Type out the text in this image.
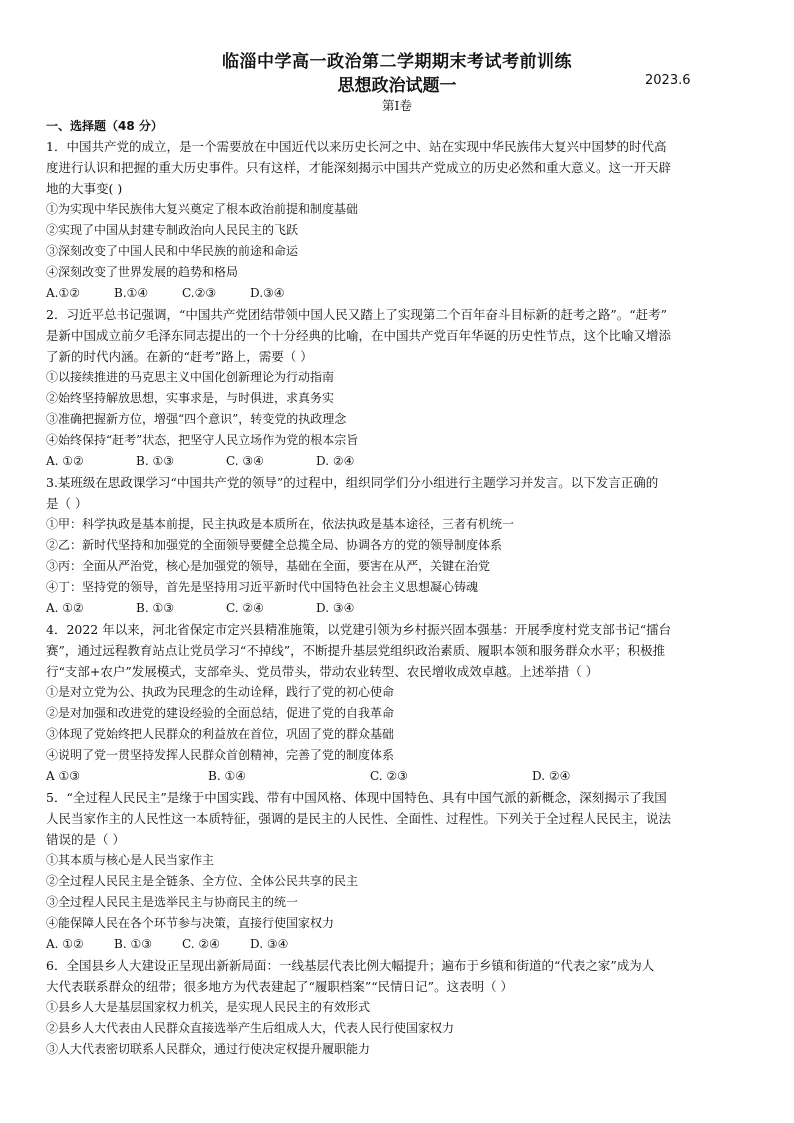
临淄中学高一政治第二学期期末考试考前训练
思想政治试题一	2023.6
第Ⅰ卷
一、选择题（48 分）
1．中国共产党的成立，是一个需要放在中国近代以来历史长河之中、站在实现中华民族伟大复兴中国梦的时代高
度进行认识和把握的重大历史事件。只有这样，才能深刻揭示中国共产党成立的历史必然和重大意义。这一开天辟
地的大事变( )
①为实现中华民族伟大复兴奠定了根本政治前提和制度基础
②实现了中国从封建专制政治向人民民主的飞跃
③深刻改变了中国人民和中华民族的前途和命运
④深刻改变了世界发展的趋势和格局
A.①②	B.①④	C.②③	D.③④
2．习近平总书记强调，“中国共产党团结带领中国人民又踏上了实现第二个百年奋斗目标新的赶考之路”。“赶考”
是新中国成立前夕毛泽东同志提出的一个十分经典的比喻，在中国共产党百年华诞的历史性节点，这个比喻又增添
了新的时代内涵。在新的“赶考”路上，需要（ ）
①以接续推进的马克思主义中国化创新理论为行动指南
②始终坚持解放思想，实事求是，与时俱进，求真务实
③准确把握新方位，增强“四个意识”，转变党的执政理念
④始终保持“赶考”状态，把坚守人民立场作为党的根本宗旨
A. ①②	B. ①③	C. ③④	D. ②④
3.某班级在思政课学习“中国共产党的领导”的过程中，组织同学们分小组进行主题学习并发言。以下发言正确的
是（ ）
①甲：科学执政是基本前提，民主执政是本质所在，依法执政是基本途径，三者有机统一
②乙：新时代坚持和加强党的全面领导要健全总揽全局、协调各方的党的领导制度体系
③丙：全面从严治党，核心是加强党的领导，基础在全面，要害在从严，关键在治党
④丁：坚持党的领导，首先是坚持用习近平新时代中国特色社会主义思想凝心铸魂
A. ①②	B. ①③	C. ②④	D. ③④
4．2022 年以来，河北省保定市定兴县精准施策，以党建引领为乡村振兴固本强基：开展季度村党支部书记“擂台
赛”，通过远程教育站点让党员学习“不掉线”，不断提升基层党组织政治素质、履职本领和服务群众水平；积极推
行“支部+农户”发展模式，支部牵头、党员带头，带动农业转型、农民增收成效卓越。上述举措（ ）
①是对立党为公、执政为民理念的生动诠释，践行了党的初心使命
②是对加强和改进党的建设经验的全面总结，促进了党的自我革命
③体现了党始终把人民群众的利益放在首位，巩固了党的群众基础
④说明了党一贯坚持发挥人民群众首创精神，完善了党的制度体系
A ①③	B. ①④	C. ②③	D. ②④
5．“全过程人民民主”是缘于中国实践、带有中国风格、体现中国特色、具有中国气派的新概念，深刻揭示了我国
人民当家作主的人民性这一本质特征，强调的是民主的人民性、全面性、过程性。下列关于全过程人民民主，说法
错误的是（ ）
①其本质与核心是人民当家作主
②全过程人民民主是全链条、全方位、全体公民共享的民主
③全过程人民民主是选举民主与协商民主的统一
④能保障人民在各个环节参与决策，直接行使国家权力
A. ①②	B. ①③	C. ②④	D. ③④
6．全国县乡人大建设正呈现出新新局面：一线基层代表比例大幅提升；遍布于乡镇和街道的“代表之家”成为人
大代表联系群众的纽带；很多地方为代表建起了“履职档案”“民情日记”。这表明（ ）
①县乡人大是基层国家权力机关，是实现人民民主的有效形式
②县乡人大代表由人民群众直接选举产生后组成人大，代表人民行使国家权力
③人大代表密切联系人民群众，通过行使决定权提升履职能力
